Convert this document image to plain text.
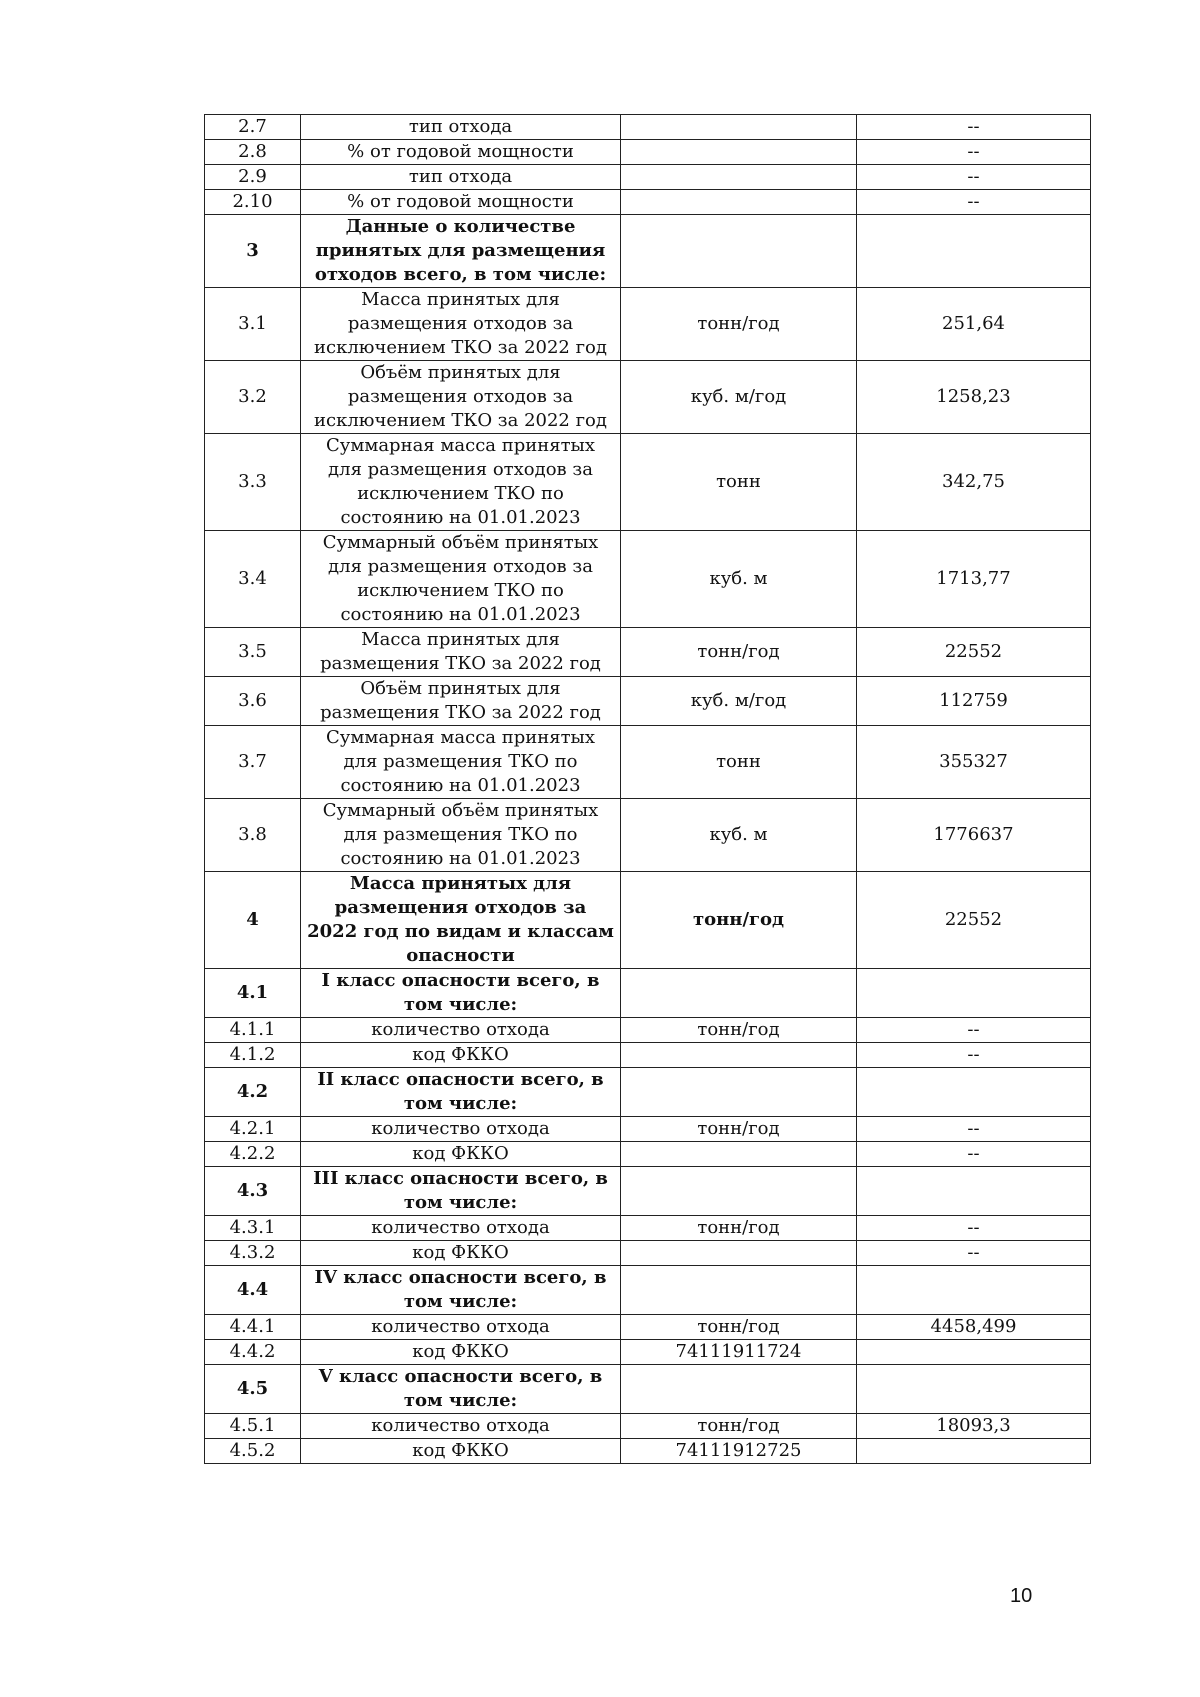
2.7	тип отхода		--
2.8	% от годовой мощности		--
2.9	тип отхода		--
2.10	% от годовой мощности		--
3	Данные о количестве принятых для размещения отходов всего, в том числе:		
3.1	Масса принятых для размещения отходов за исключением ТКО за 2022 год	тонн/год	251,64
3.2	Объём принятых для размещения отходов за исключением ТКО за 2022 год	куб. м/год	1258,23
3.3	Суммарная масса принятых для размещения отходов за исключением ТКО по состоянию на 01.01.2023	тонн	342,75
3.4	Суммарный объём принятых для размещения отходов за исключением ТКО по состоянию на 01.01.2023	куб. м	1713,77
3.5	Масса принятых для размещения ТКО за 2022 год	тонн/год	22552
3.6	Объём принятых для размещения ТКО за 2022 год	куб. м/год	112759
3.7	Суммарная масса принятых для размещения ТКО по состоянию на 01.01.2023	тонн	355327
3.8	Суммарный объём принятых для размещения ТКО по состоянию на 01.01.2023	куб. м	1776637
4	Масса принятых для размещения отходов за 2022 год по видам и классам опасности	тонн/год	22552
4.1	I класс опасности всего, в том числе:		
4.1.1	количество отхода	тонн/год	--
4.1.2	код ФККО		--
4.2	II класс опасности всего, в том числе:		
4.2.1	количество отхода	тонн/год	--
4.2.2	код ФККО		--
4.3	III класс опасности всего, в том числе:		
4.3.1	количество отхода	тонн/год	--
4.3.2	код ФККО		--
4.4	IV класс опасности всего, в том числе:		
4.4.1	количество отхода	тонн/год	4458,499
4.4.2	код ФККО	74111911724	
4.5	V класс опасности всего, в том числе:		
4.5.1	количество отхода	тонн/год	18093,3
4.5.2	код ФККО	74111912725	
10
